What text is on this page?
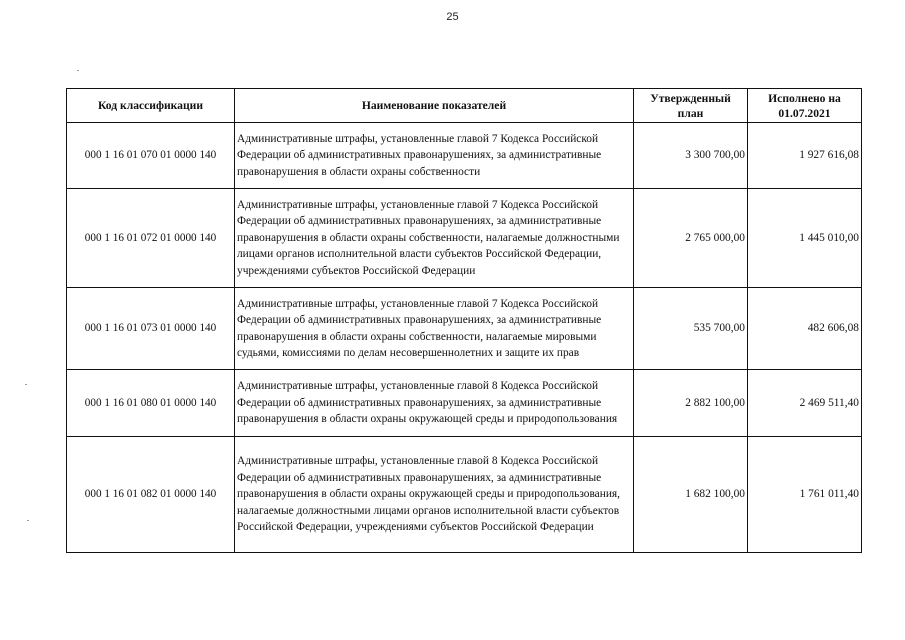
25
Код классификации	Наименование показателей	Утвержденный план	Исполнено на 01.07.2021
000 1 16 01 070 01 0000 140	Административные штрафы, установленные главой 7 Кодекса Российской Федерации об административных правонарушениях, за административные правонарушения в области охраны собственности	3 300 700,00	1 927 616,08
000 1 16 01 072 01 0000 140	Административные штрафы, установленные главой 7 Кодекса Российской Федерации об административных правонарушениях, за административные правонарушения в области охраны собственности, налагаемые должностными лицами органов исполнительной власти субъектов Российской Федерации, учреждениями субъектов Российской Федерации	2 765 000,00	1 445 010,00
000 1 16 01 073 01 0000 140	Административные штрафы, установленные главой 7 Кодекса Российской Федерации об административных правонарушениях, за административные правонарушения в области охраны собственности, налагаемые мировыми судьями, комиссиями по делам несовершеннолетних и защите их прав	535 700,00	482 606,08
000 1 16 01 080 01 0000 140	Административные штрафы, установленные главой 8 Кодекса Российской Федерации об административных правонарушениях, за административные правонарушения в области охраны окружающей среды и природопользования	2 882 100,00	2 469 511,40
000 1 16 01 082 01 0000 140	Административные штрафы, установленные главой 8 Кодекса Российской Федерации об административных правонарушениях, за административные правонарушения в области охраны окружающей среды и природопользования, налагаемые должностными лицами органов исполнительной власти субъектов Российской Федерации, учреждениями субъектов Российской Федерации	1 682 100,00	1 761 011,40
